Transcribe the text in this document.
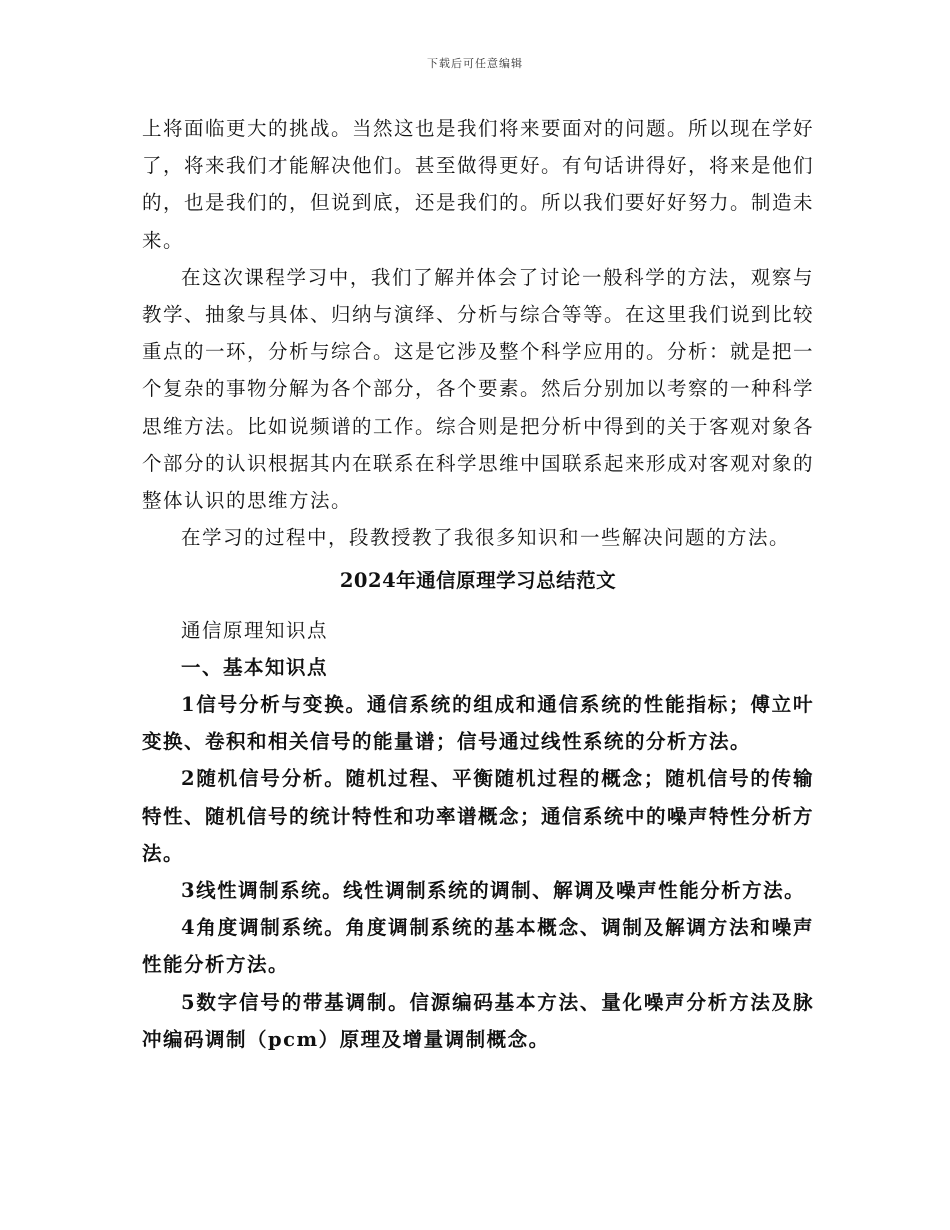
下载后可任意编辑

上将面临更大的挑战。当然这也是我们将来要面对的问题。所以现在学好了，将来我们才能解决他们。甚至做得更好。有句话讲得好，将来是他们的，也是我们的，但说到底，还是我们的。所以我们要好好努力。制造未来。

在这次课程学习中，我们了解并体会了讨论一般科学的方法，观察与教学、抽象与具体、归纳与演绎、分析与综合等等。在这里我们说到比较重点的一环，分析与综合。这是它涉及整个科学应用的。分析：就是把一个复杂的事物分解为各个部分，各个要素。然后分别加以考察的一种科学思维方法。比如说频谱的工作。综合则是把分析中得到的关于客观对象各个部分的认识根据其内在联系在科学思维中国联系起来形成对客观对象的整体认识的思维方法。

在学习的过程中，段教授教了我很多知识和一些解决问题的方法。

2024年通信原理学习总结范文

通信原理知识点

一、基本知识点

1信号分析与变换。通信系统的组成和通信系统的性能指标；傅立叶变换、卷积和相关信号的能量谱；信号通过线性系统的分析方法。

2随机信号分析。随机过程、平衡随机过程的概念；随机信号的传输特性、随机信号的统计特性和功率谱概念；通信系统中的噪声特性分析方法。

3线性调制系统。线性调制系统的调制、解调及噪声性能分析方法。

4角度调制系统。角度调制系统的基本概念、调制及解调方法和噪声性能分析方法。

5数字信号的带基调制。信源编码基本方法、量化噪声分析方法及脉冲编码调制（pcm）原理及增量调制概念。
